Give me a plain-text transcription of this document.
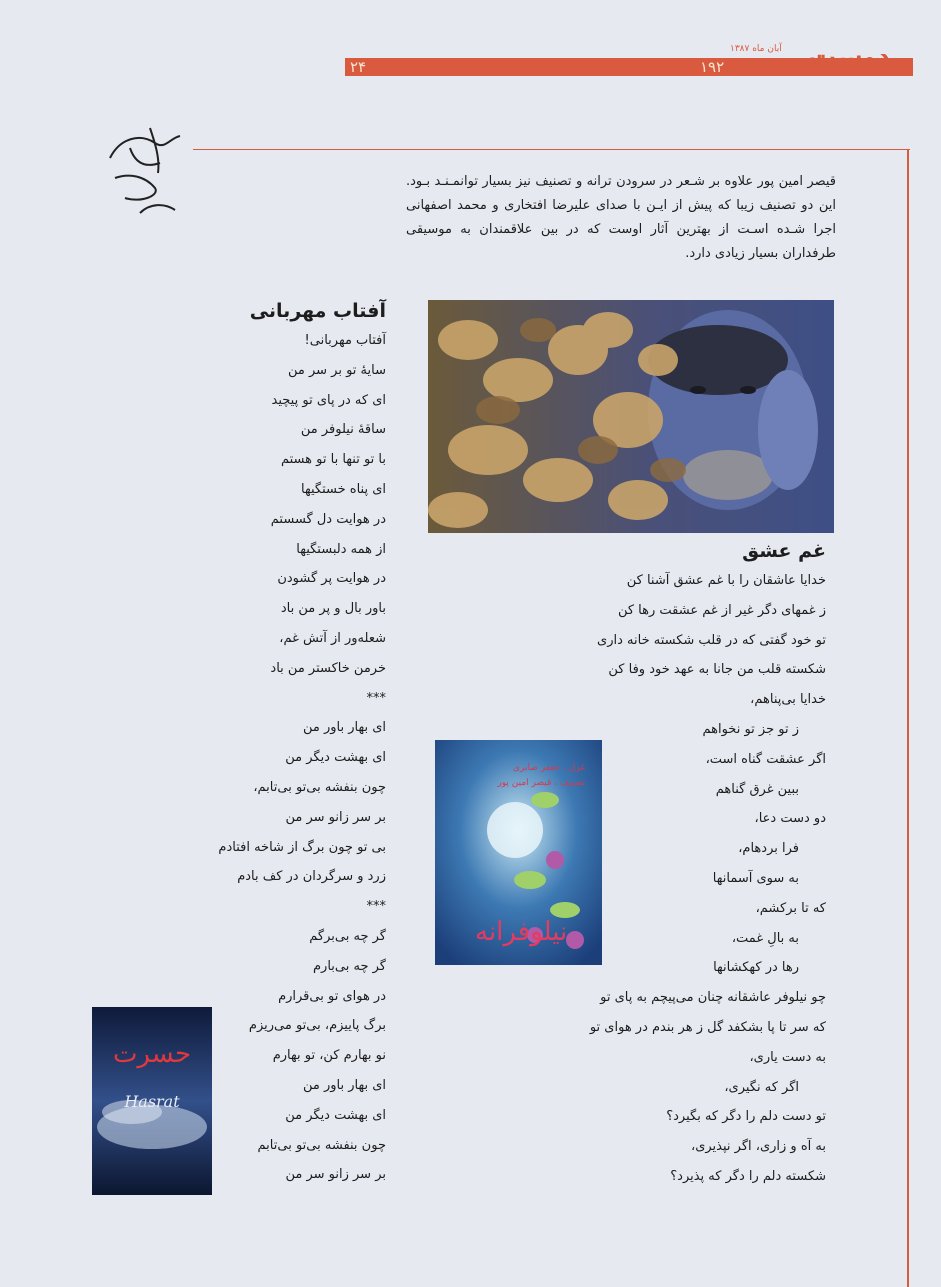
۲۴	۱۹۲
آبان ماه ۱۳۸۷ دوست
قیصر امین پور علاوه بر شـعر در سرودن ترانه و تصنیف نیز بسیار توانمـنـد بـود. این دو تصنیف زیبا که پیش از ایـن با صدای علیرضا افتخاری و محمد اصفهانی اجرا شـده اسـت از بهترین آثار اوست که در بین علاقمندان به موسیقی طرفداران بسیار زیادی دارد.
آفتاب مهربانی
آفتاب مهربانی!
سایهٔ تو بر سر من
ای که در پای تو پیچید
ساقهٔ نیلوفر من
با تو تنها با تو هستم
ای پناه خستگیها
در هوایت دل گسستم
از همه دلبستگیها
در هوایت پر گشودن
باور بال و پر من باد
شعله‌ور از آتش غم،
خرمن خاکستر من باد
***
ای بهار باور من
ای بهشت دیگر من
چون بنفشه بی‌تو بی‌تابم،
بر سر زانو سر من
بی تو چون برگ از شاخه افتادم
زرد و سرگردان در کف بادم
***
گر چه بی‌برگم
گر چه بی‌بارم
در هوای تو بی‌قرارم
برگ پاییزم، بی‌تو می‌ریزم
نو بهارم کن، تو بهارم
ای بهار باور من
ای بهشت دیگر من
چون بنفشه بی‌تو بی‌تابم
بر سر زانو سر من
غم عشق
خدایا عاشقان را با غم عشق آشنا کن
ز غمهای دگر غیر از غم عشقت رها کن
تو خود گفتی که در قلب شکسته خانه داری
شکسته قلب من جانا به عهد خود وفا کن
خدایا بی‌پناهم،
ز تو جز تو نخواهم
اگر عشقت گناه است،
ببین غرق گناهم
دو دست دعا،
فرا بردهام،
به سوی آسمانها
که تا برکشم،
به بالِ غمت،
رها در کهکشانها
چو نیلوفر عاشقانه چنان می‌پیچم به پای تو
که سر تا پا بشکفد گل ز هر بندم در هوای تو
به دست یاری،
اگر که نگیری،
تو دست دلم را دگر که بگیرد؟
به آه و زاری، اگر نپذیری،
شکسته دلم را دگر که پذیرد؟
نیلوفرانه
غزل ، جعفر صابری
تصنیف ، قیصر امین پور
حسرت
Hasrat
